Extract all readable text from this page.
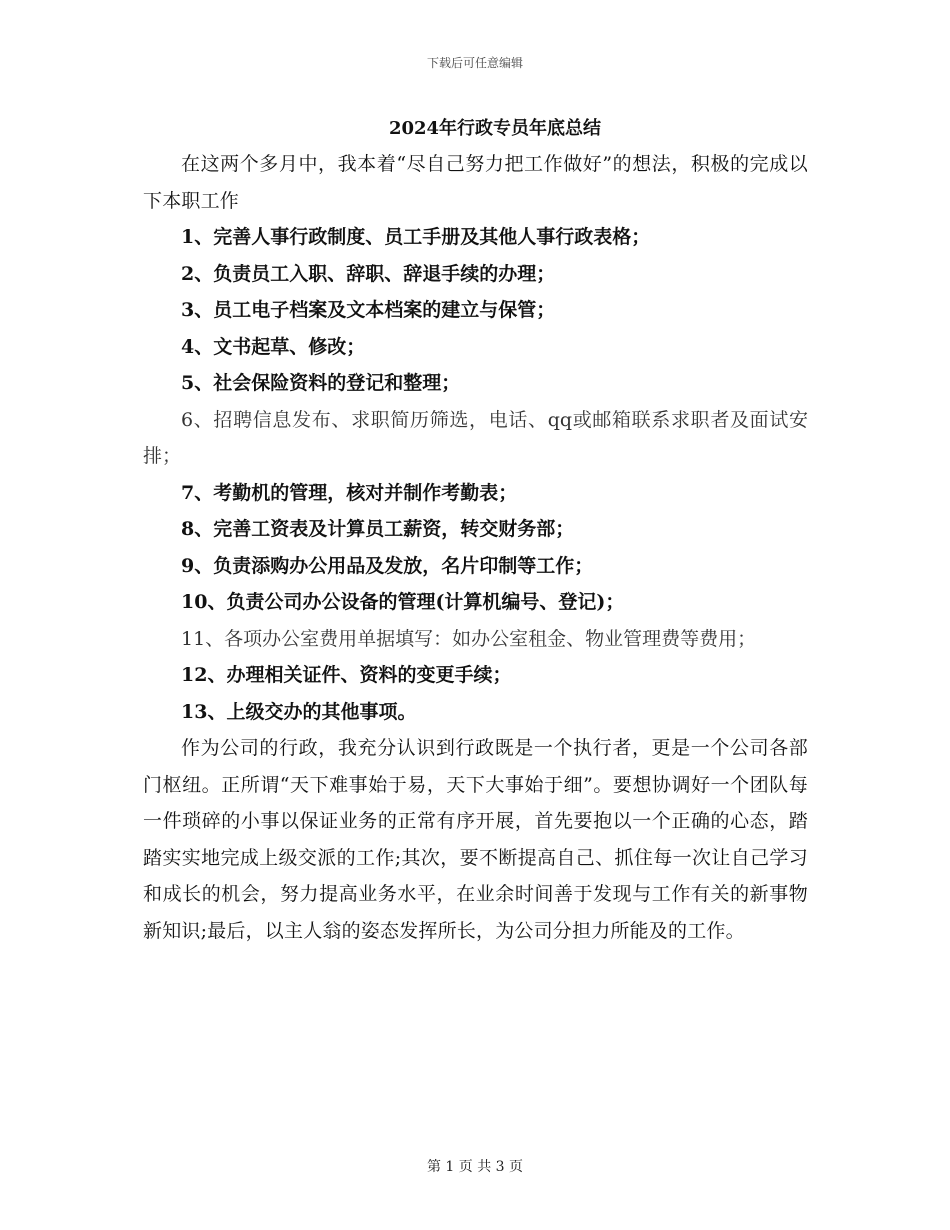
下载后可任意编辑
2024年行政专员年底总结

在这两个多月中，我本着“尽自己努力把工作做好”的想法，积极的完成以下本职工作

1、完善人事行政制度、员工手册及其他人事行政表格；

2、负责员工入职、辞职、辞退手续的办理；

3、员工电子档案及文本档案的建立与保管；

4、文书起草、修改；

5、社会保险资料的登记和整理；

6、招聘信息发布、求职简历筛选，电话、qq或邮箱联系求职者及面试安排；

7、考勤机的管理，核对并制作考勤表；

8、完善工资表及计算员工薪资，转交财务部；

9、负责添购办公用品及发放，名片印制等工作；

10、负责公司办公设备的管理(计算机编号、登记)；

11、各项办公室费用单据填写：如办公室租金、物业管理费等费用；

12、办理相关证件、资料的变更手续；

13、上级交办的其他事项。

作为公司的行政，我充分认识到行政既是一个执行者，更是一个公司各部门枢纽。正所谓“天下难事始于易，天下大事始于细”。要想协调好一个团队每一件琐碎的小事以保证业务的正常有序开展，首先要抱以一个正确的心态，踏踏实实地完成上级交派的工作;其次，要不断提高自己、抓住每一次让自己学习和成长的机会，努力提高业务水平，在业余时间善于发现与工作有关的新事物新知识;最后，以主人翁的姿态发挥所长，为公司分担力所能及的工作。

第 1 页 共 3 页
